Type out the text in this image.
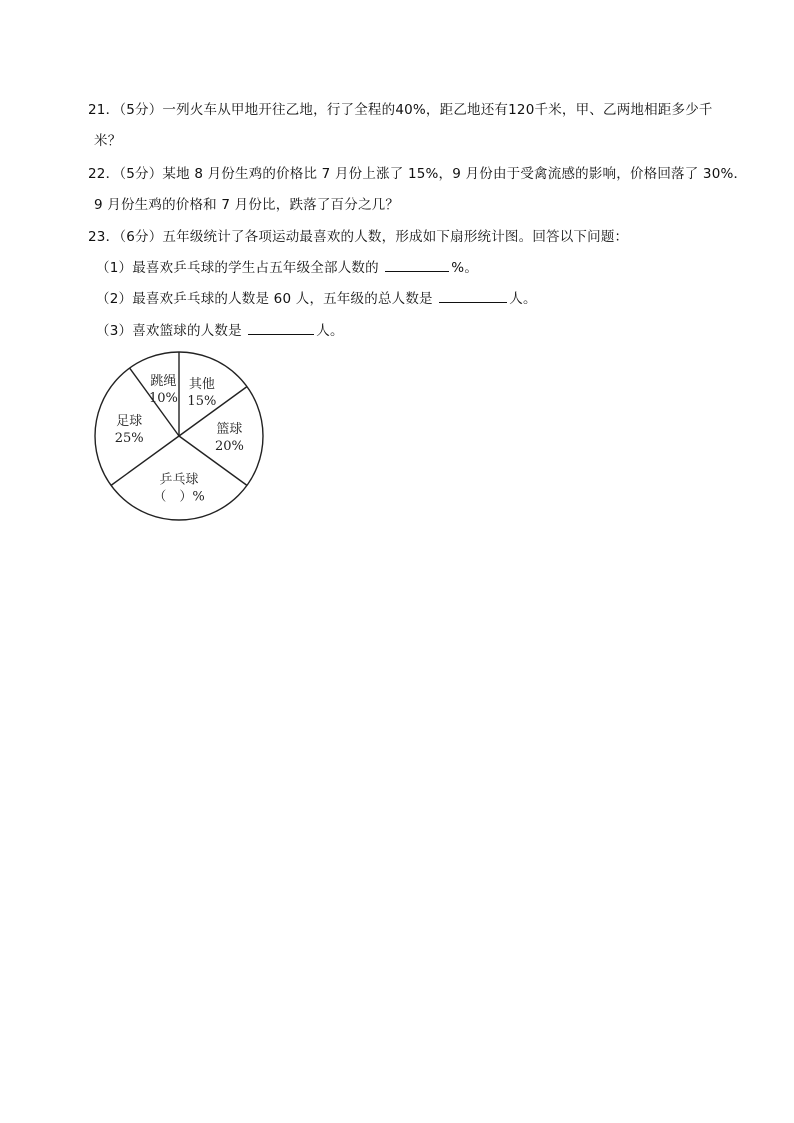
21．（5分）一列火车从甲地开往乙地，行了全程的40%，距乙地还有120千米，甲、乙两地相距多少千
米？
22．（5分）某地 8 月份生鸡的价格比 7 月份上涨了 15%，9 月份由于受禽流感的影响，价格回落了 30%．
9 月份生鸡的价格和 7 月份比，跌落了百分之几？
23．（6分）五年级统计了各项运动最喜欢的人数，形成如下扇形统计图。回答以下问题：
（1）最喜欢乒乓球的学生占五年级全部人数的	%。
（2）最喜欢乒乓球的人数是 60 人，五年级的总人数是	人。
（3）喜欢篮球的人数是	人。
其他
15%
篮球
20%
乒乓球
（　）%
足球
25%
跳绳
10%
